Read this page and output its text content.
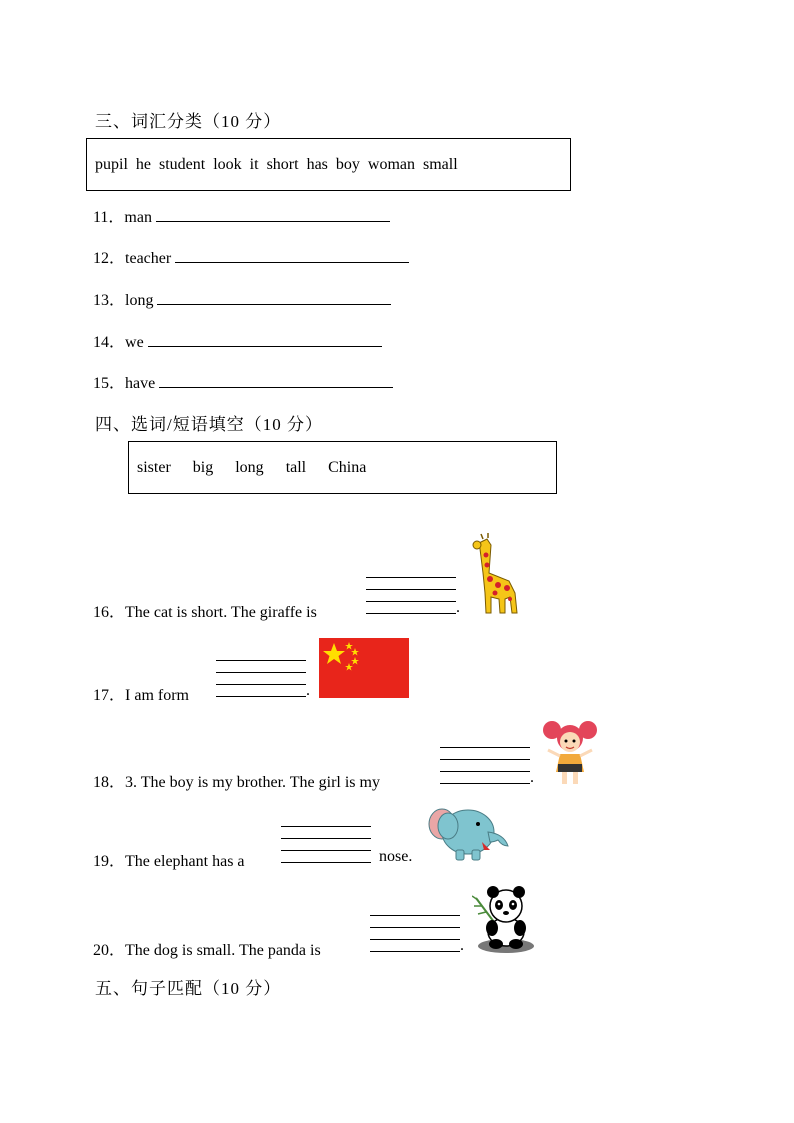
三、词汇分类（10 分）
pupil he student look it short has boy woman small
11．man
12．teacher
13．long
14．we
15．have
四、选词/短语填空（10 分）
sister big long tall China
16．The cat is short. The giraffe is	.
17．I am form	.
18．3. The boy is my brother. The girl is my	.
19．The elephant has a	nose.
20．The dog is small. The panda is	.
五、句子匹配（10 分）
